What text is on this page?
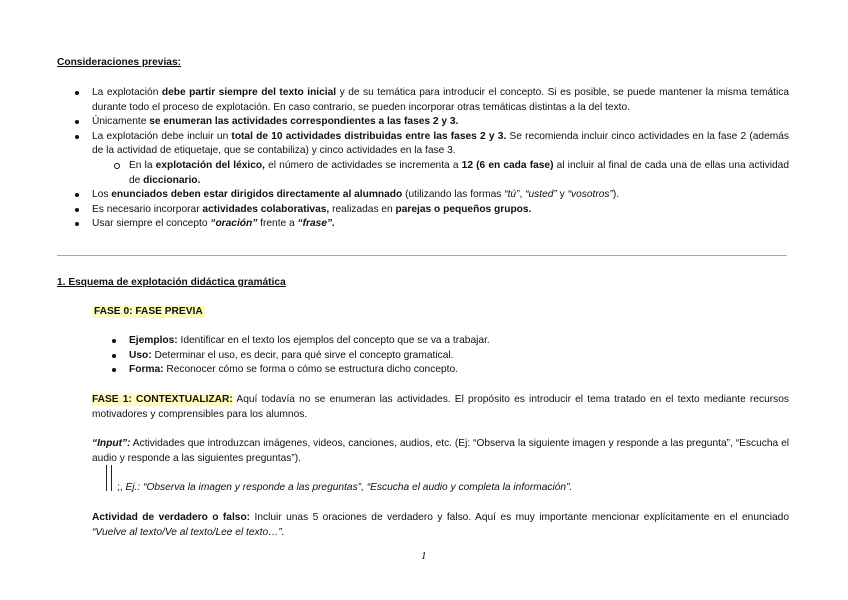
Consideraciones previas:
La explotación debe partir siempre del texto inicial y de su temática para introducir el concepto. Si es posible, se puede mantener la misma temática durante todo el proceso de explotación. En caso contrario, se pueden incorporar otras temáticas distintas a la del texto.
Únicamente se enumeran las actividades correspondientes a las fases 2 y 3.
La explotación debe incluir un total de 10 actividades distribuidas entre las fases 2 y 3. Se recomienda incluir cinco actividades en la fase 2 (además de la actividad de etiquetaje, que se contabiliza) y cinco actividades en la fase 3.
En la explotación del léxico, el número de actividades se incrementa a 12 (6 en cada fase) al incluir al final de cada una de ellas una actividad de diccionario.
Los enunciados deben estar dirigidos directamente al alumnado (utilizando las formas “tú”, “usted” y “vosotros”).
Es necesario incorporar actividades colaborativas, realizadas en parejas o pequeños grupos.
Usar siempre el concepto “oración” frente a “frase”.
1. Esquema de explotación didáctica gramática
FASE 0: FASE PREVIA
Ejemplos: Identificar en el texto los ejemplos del concepto que se va a trabajar.
Uso: Determinar el uso, es decir, para qué sirve el concepto gramatical.
Forma: Reconocer cómo se forma o cómo se estructura dicho concepto.
FASE 1: CONTEXTUALIZAR: Aquí todavía no se enumeran las actividades. El propósito es introducir el tema tratado en el texto mediante recursos motivadores y comprensibles para los alumnos.
“Input”: Actividades que introduzcan imágenes, videos, canciones, audios, etc. (Ej: “Observa la siguiente imagen y responde a las pregunta”, “Escucha el audio y responde a las siguientes preguntas”).
;, Ej.: “Observa la imagen y responde a las preguntas”, “Escucha el audio y completa la información”.
Actividad de verdadero o falso: Incluir unas 5 oraciones de verdadero y falso. Aquí es muy importante mencionar explícitamente en el enunciado “Vuelve al texto/Ve al texto/Lee el texto…”.
1
